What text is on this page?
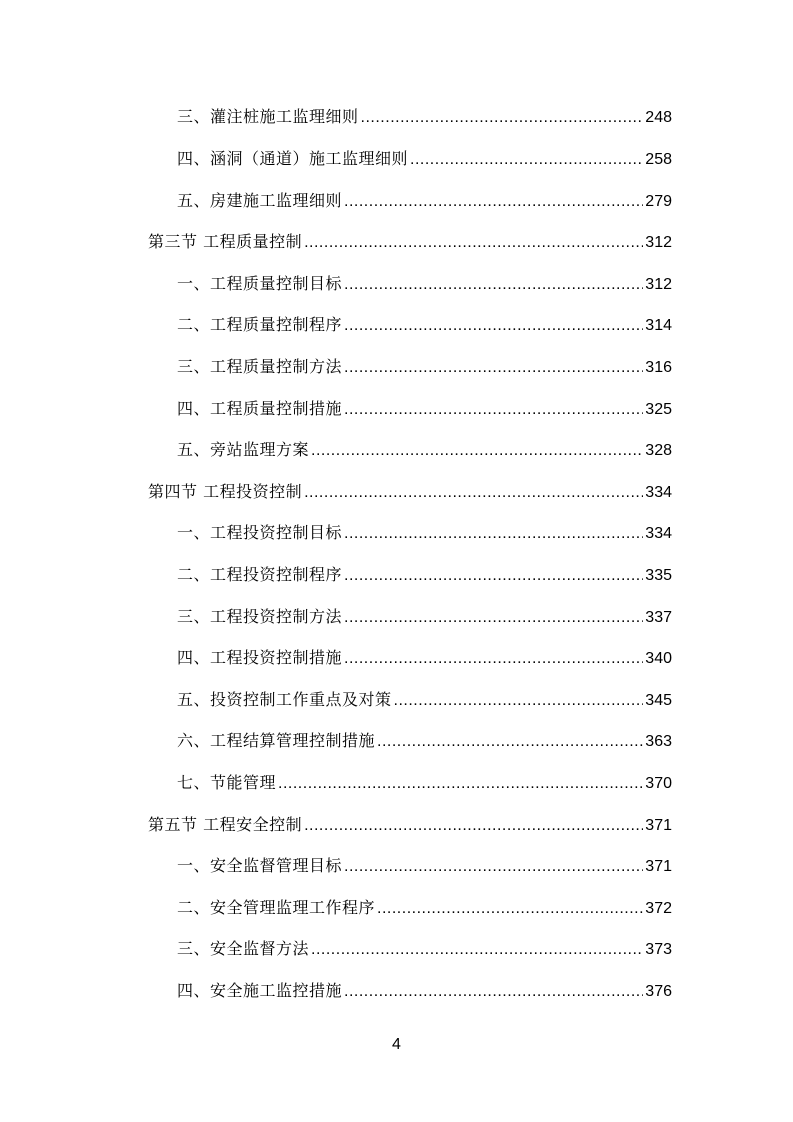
三、灌注桩施工监理细则 .....	248
四、涵洞（通道）施工监理细则 .....	258
五、房建施工监理细则 .....	279
第三节 工程质量控制 .....	312
一、工程质量控制目标 .....	312
二、工程质量控制程序 .....	314
三、工程质量控制方法 .....	316
四、工程质量控制措施 .....	325
五、旁站监理方案 .....	328
第四节 工程投资控制 .....	334
一、工程投资控制目标 .....	334
二、工程投资控制程序 .....	335
三、工程投资控制方法 .....	337
四、工程投资控制措施 .....	340
五、投资控制工作重点及对策 .....	345
六、工程结算管理控制措施 .....	363
七、节能管理 .....	370
第五节 工程安全控制 .....	371
一、安全监督管理目标 .....	371
二、安全管理监理工作程序 .....	372
三、安全监督方法 .....	373
四、安全施工监控措施 .....	376
4
